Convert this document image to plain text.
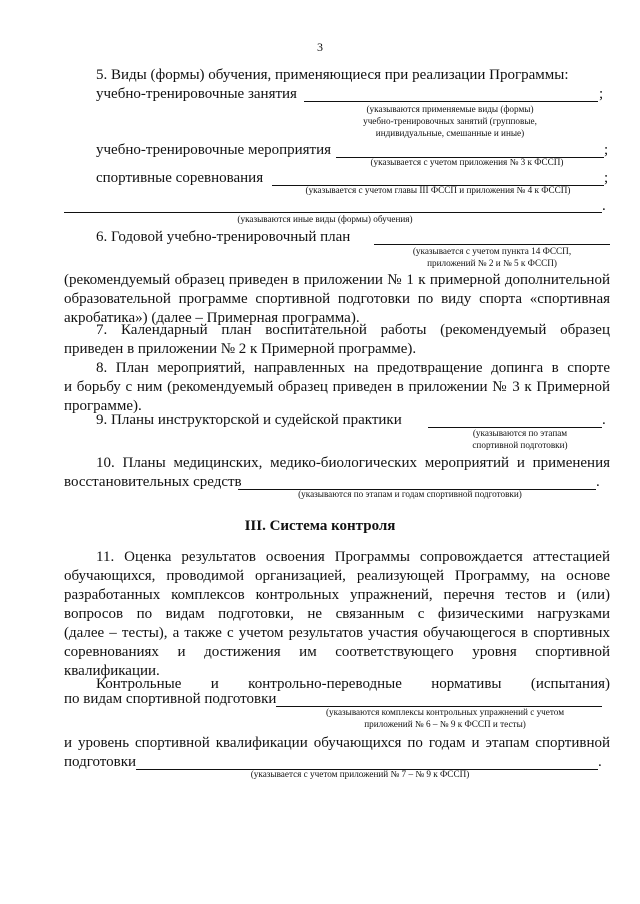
3
5. Виды (формы) обучения, применяющиеся при реализации Программы:
учебно-тренировочные занятия	;
(указываются применяемые виды (формы)
учебно-тренировочных занятий (групповые,
индивидуальные, смешанные и иные)
учебно-тренировочные мероприятия	;
(указывается с учетом приложения № 3 к ФССП)
спортивные соревнования	;
(указывается с учетом главы III ФССП и приложения № 4 к ФССП)
.
(указываются иные виды (формы) обучения)
6. Годовой учебно-тренировочный план
(указывается с учетом пункта 14 ФССП,
приложений № 2 и № 5 к ФССП)
(рекомендуемый образец приведен в приложении № 1 к примерной дополнительной
образовательной программе спортивной подготовки по виду спорта «спортивная
акробатика») (далее – Примерная программа).
7. Календарный план воспитательной работы (рекомендуемый образец
приведен в приложении № 2 к Примерной программе).
8. План мероприятий, направленных на предотвращение допинга в спорте
и борьбу с ним (рекомендуемый образец приведен в приложении № 3 к Примерной
программе).
9. Планы инструкторской и судейской практики	.
(указываются по этапам
спортивной подготовки)
10. Планы медицинских, медико-биологических мероприятий и применения
восстановительных средств	.
(указываются по этапам и годам спортивной подготовки)
III. Система контроля
11. Оценка результатов освоения Программы сопровождается аттестацией
обучающихся, проводимой организацией, реализующей Программу, на основе
разработанных комплексов контрольных упражнений, перечня тестов и (или)
вопросов по видам подготовки, не связанным с физическими нагрузками
(далее – тесты), а также с учетом результатов участия обучающегося в спортивных
соревнованиях и достижения им соответствующего уровня спортивной
квалификации.
Контрольные и контрольно-переводные нормативы (испытания)
по видам спортивной подготовки
(указываются комплексы контрольных упражнений с учетом
приложений № 6 – № 9 к ФССП и тесты)
и уровень спортивной квалификации обучающихся по годам и этапам спортивной
подготовки	.
(указывается с учетом приложений № 7 – № 9 к ФССП)
